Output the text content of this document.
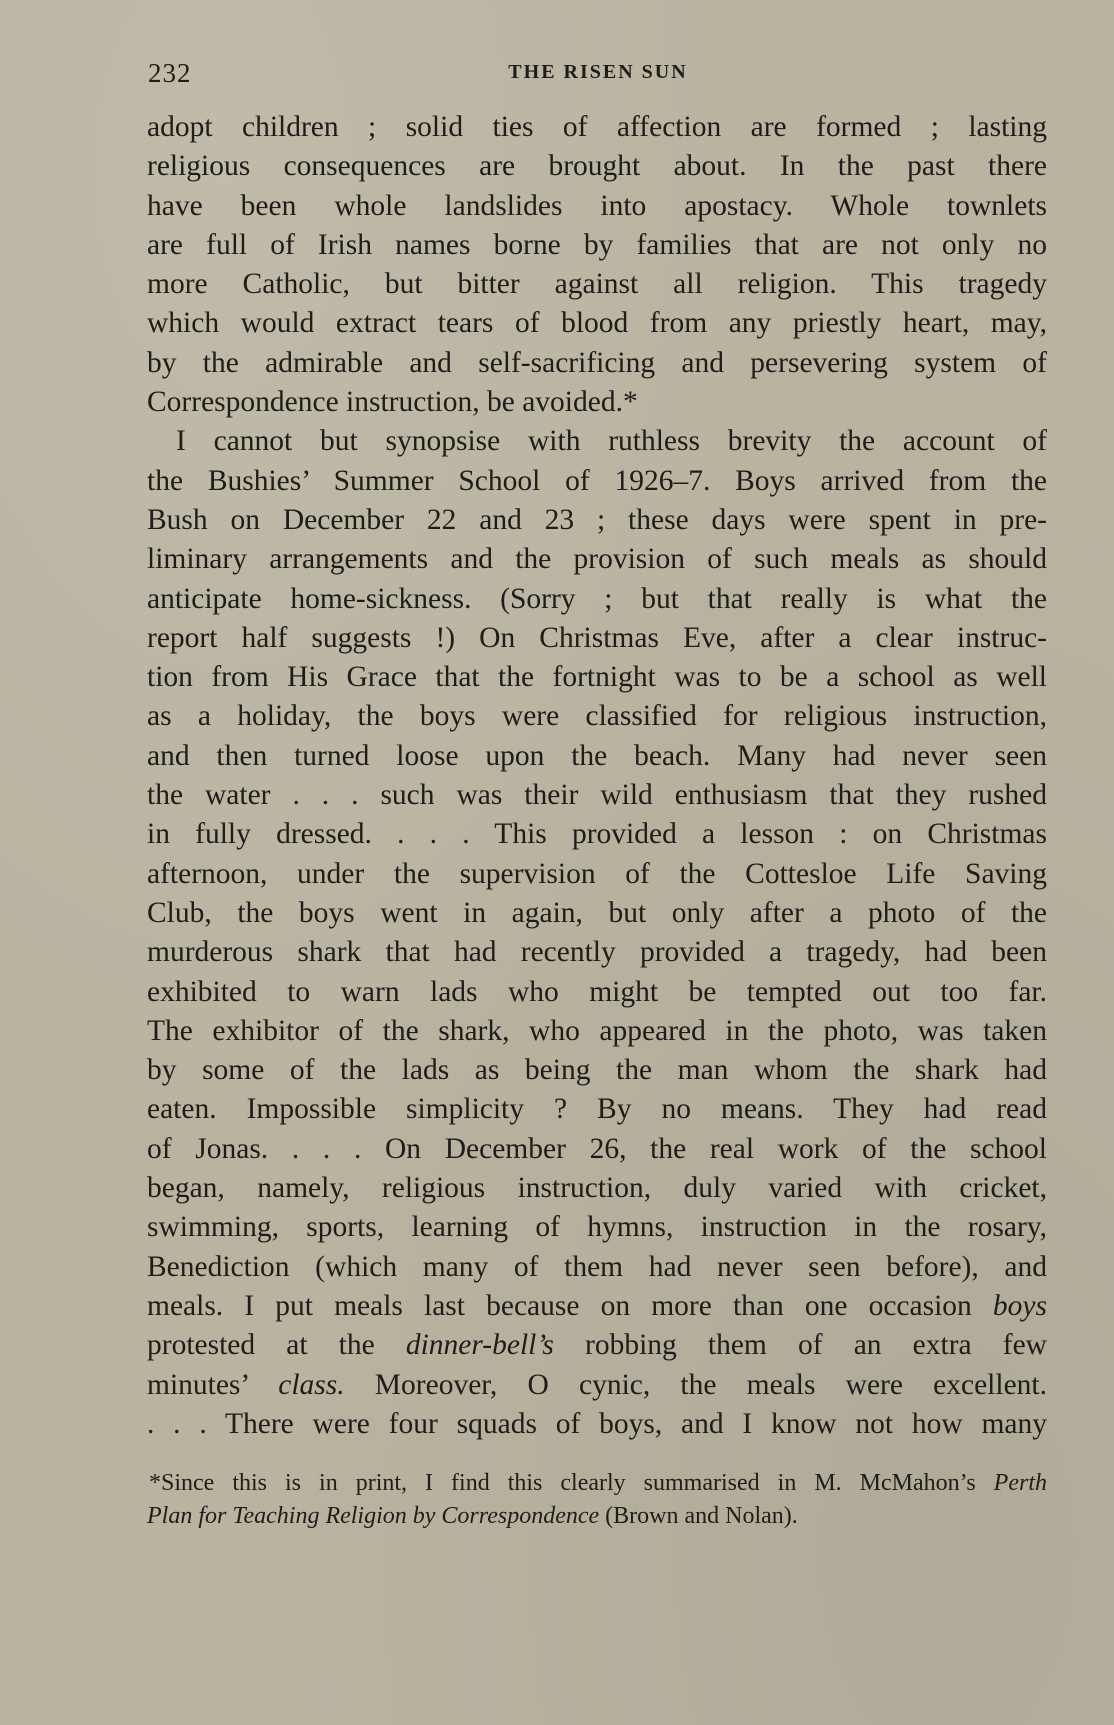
232	THE RISEN SUN
adopt children ; solid ties of affection are formed ; lasting
religious consequences are brought about. In the past there
have been whole landslides into apostacy. Whole townlets
are full of Irish names borne by families that are not only no
more Catholic, but bitter against all religion. This tragedy
which would extract tears of blood from any priestly heart, may,
by the admirable and self-sacrificing and persevering system of
Correspondence instruction, be avoided.*
I cannot but synopsise with ruthless brevity the account of
the Bushies’ Summer School of 1926–7. Boys arrived from the
Bush on December 22 and 23 ; these days were spent in pre-
liminary arrangements and the provision of such meals as should
anticipate home-sickness. (Sorry ; but that really is what the
report half suggests !) On Christmas Eve, after a clear instruc-
tion from His Grace that the fortnight was to be a school as well
as a holiday, the boys were classified for religious instruction,
and then turned loose upon the beach. Many had never seen
the water . . . such was their wild enthusiasm that they rushed
in fully dressed. . . . This provided a lesson : on Christmas
afternoon, under the supervision of the Cottesloe Life Saving
Club, the boys went in again, but only after a photo of the
murderous shark that had recently provided a tragedy, had been
exhibited to warn lads who might be tempted out too far.
The exhibitor of the shark, who appeared in the photo, was taken
by some of the lads as being the man whom the shark had
eaten. Impossible simplicity ? By no means. They had read
of Jonas. . . . On December 26, the real work of the school
began, namely, religious instruction, duly varied with cricket,
swimming, sports, learning of hymns, instruction in the rosary,
Benediction (which many of them had never seen before), and
meals. I put meals last because on more than one occasion boys
protested at the dinner-bell’s robbing them of an extra few
minutes’ class. Moreover, O cynic, the meals were excellent.
. . . There were four squads of boys, and I know not how many
*Since this is in print, I find this clearly summarised in M. McMahon’s Perth
Plan for Teaching Religion by Correspondence (Brown and Nolan).
